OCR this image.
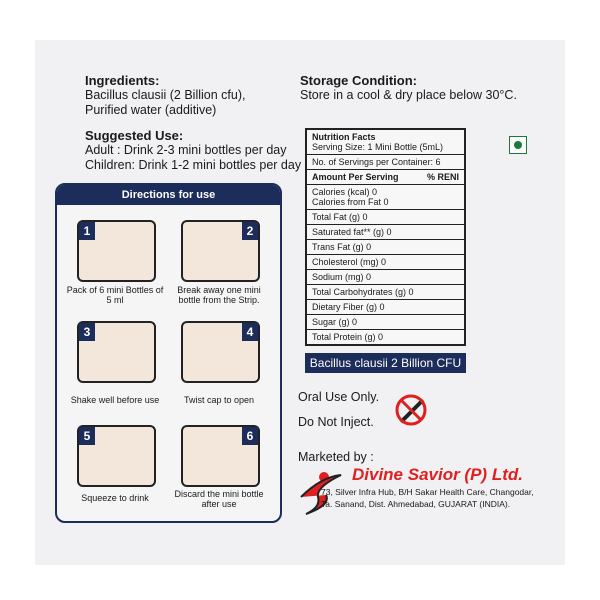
Ingredients:
Bacillus clausii (2 Billion cfu), Purified water (additive)
Suggested Use:
Adult : Drink 2-3 mini bottles per day
Children: Drink 1-2 mini bottles per day
Storage Condition:
Store in a cool & dry place below 30°C.
Nutrition Facts
Serving Size: 1 Mini Bottle (5mL)
No. of Servings per Container: 6
Amount Per Serving	% RENI
Calories (kcal) 0
Calories from Fat 0
Total Fat (g) 0
Saturated fat** (g) 0
Trans Fat (g) 0
Cholesterol (mg) 0
Sodium (mg) 0
Total Carbohydrates (g) 0
Dietary Fiber (g) 0
Sugar (g) 0
Total Protein (g) 0
Bacillus clausii 2 Billion CFU
Directions for use
1
Pack of 6 mini Bottles of 5 ml
2
Break away one mini bottle from the Strip.
3
Shake well before use
4
Twist cap to open
5
Squeeze to drink
6
Discard the mini bottle after use
Oral Use Only.
Do Not Inject.
Marketed by :
Divine Savior (P) Ltd.
73, Silver Infra Hub, B/H Sakar Health Care, Changodar,
Ta. Sanand, Dist. Ahmedabad, GUJARAT (INDIA).
